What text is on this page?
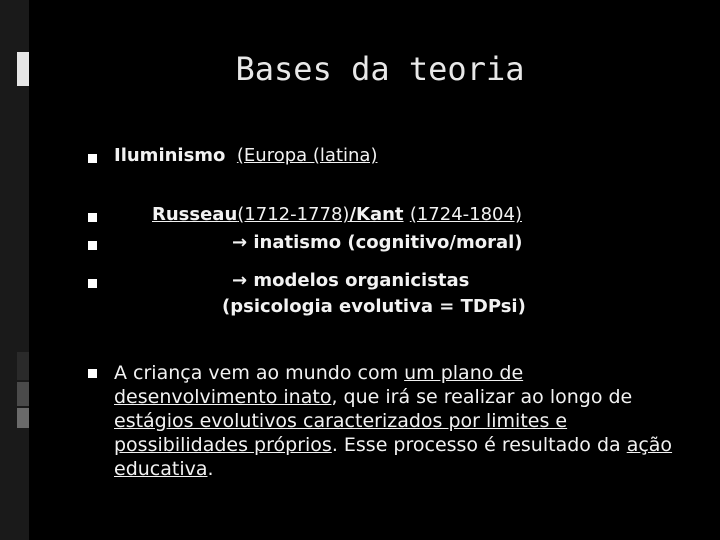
Bases da teoria
Iluminismo (Europa (latina)
Russeau(1712-1778)/Kant (1724-1804)
→ inatismo (cognitivo/moral)
→ modelos organicistas
(psicologia evolutiva = TDPsi)
A criança vem ao mundo com um plano de desenvolvimento inato, que irá se realizar ao longo de estágios evolutivos caracterizados por limites e possibilidades próprios. Esse processo é resultado da ação educativa.
